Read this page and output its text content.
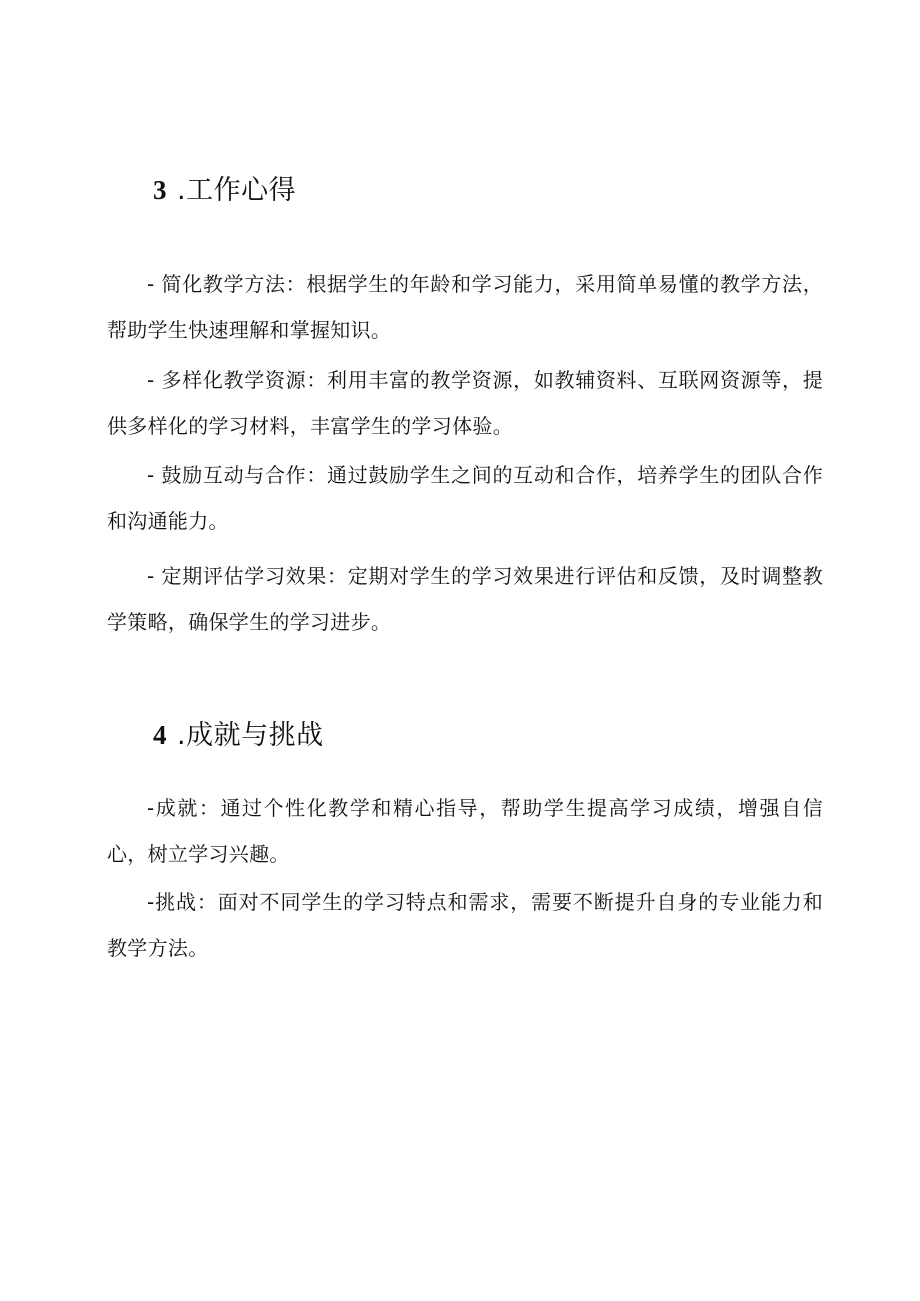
3 .工作心得

- 简化教学方法：根据学生的年龄和学习能力，采用简单易懂的教学方法，帮助学生快速理解和掌握知识。

- 多样化教学资源：利用丰富的教学资源，如教辅资料、互联网资源等，提供多样化的学习材料，丰富学生的学习体验。

- 鼓励互动与合作：通过鼓励学生之间的互动和合作，培养学生的团队合作和沟通能力。

- 定期评估学习效果：定期对学生的学习效果进行评估和反馈，及时调整教学策略，确保学生的学习进步。

4 .成就与挑战

-成就：通过个性化教学和精心指导，帮助学生提高学习成绩，增强自信心，树立学习兴趣。

-挑战：面对不同学生的学习特点和需求，需要不断提升自身的专业能力和教学方法。
